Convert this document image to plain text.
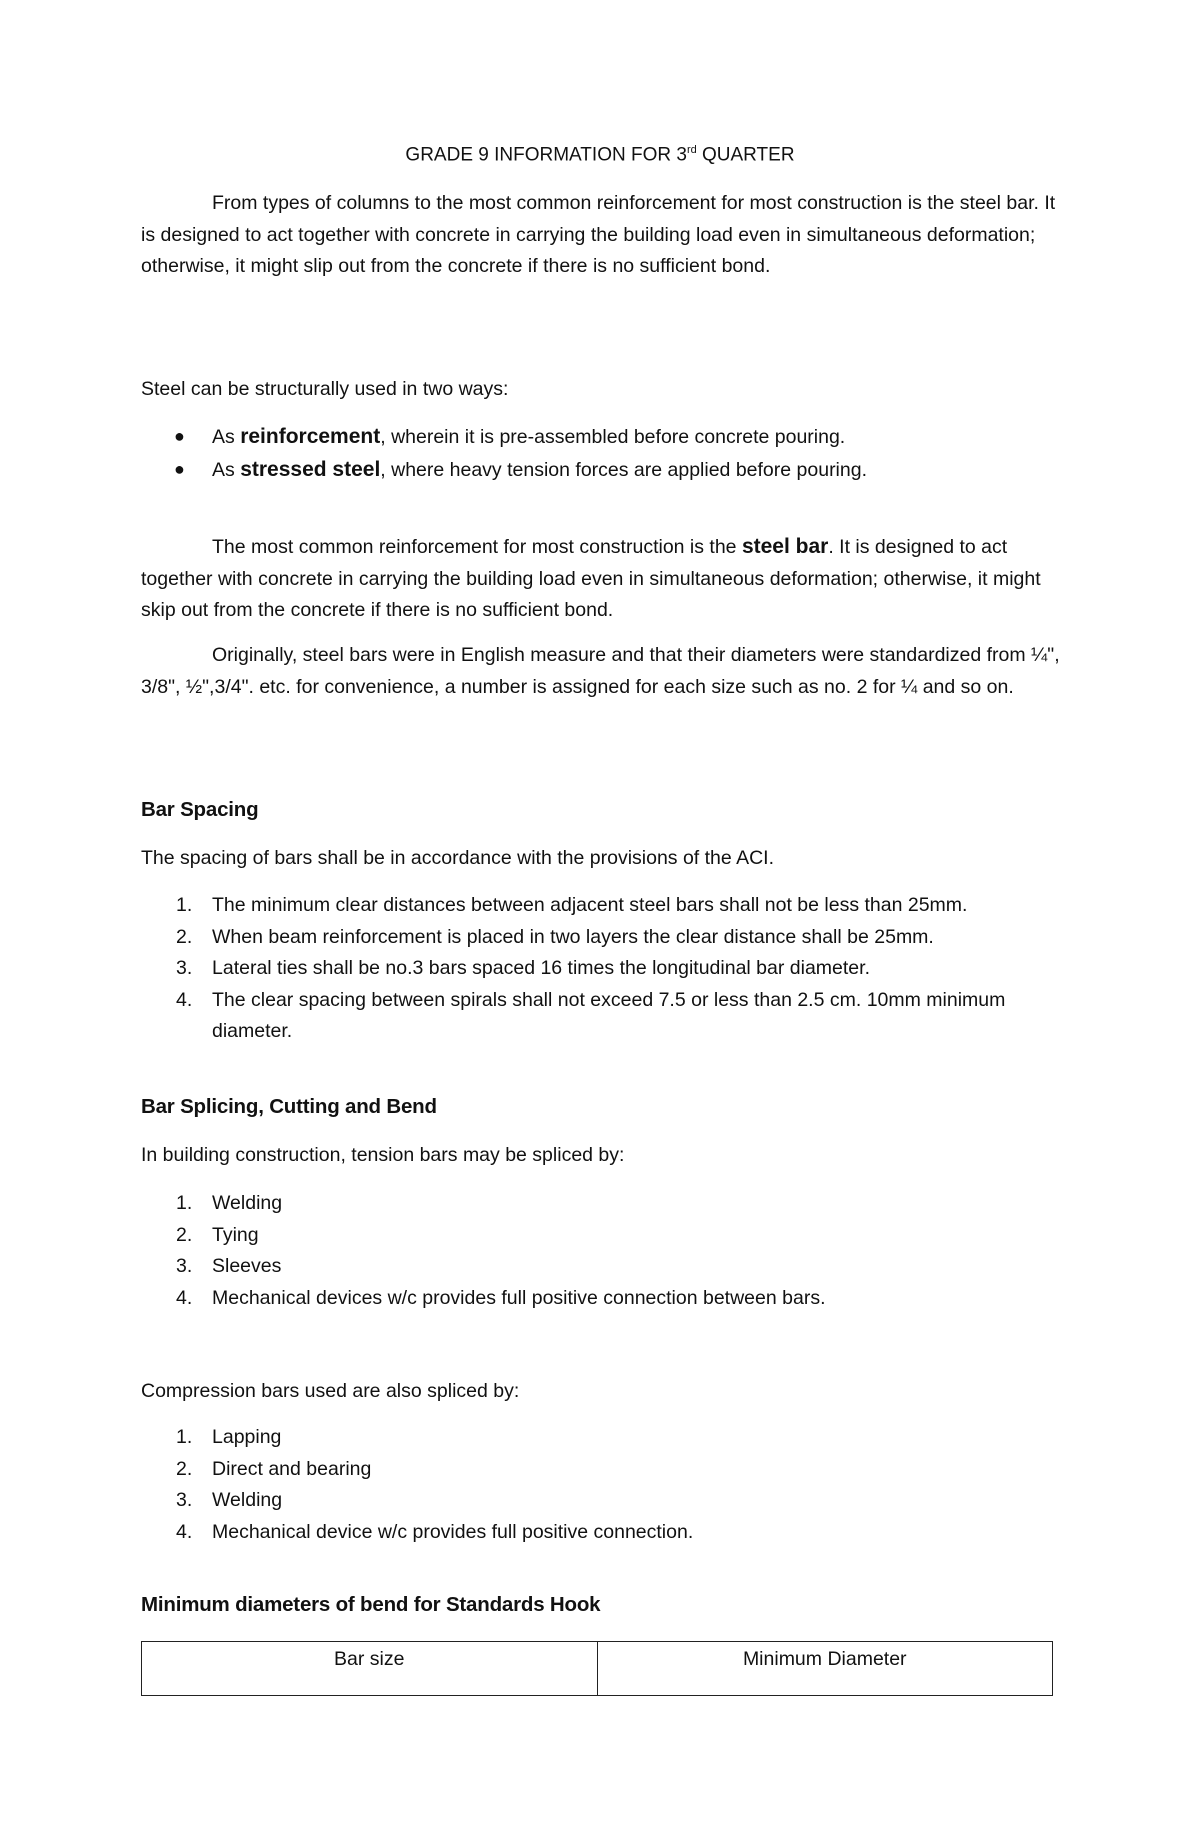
GRADE 9 INFORMATION FOR 3rd QUARTER

From types of columns to the most common reinforcement for most construction is the steel bar. It is designed to act together with concrete in carrying the building load even in simultaneous deformation; otherwise, it might slip out from the concrete if there is no sufficient bond.

Steel can be structurally used in two ways:

●	As reinforcement, wherein it is pre-assembled before concrete pouring.
●	As stressed steel, where heavy tension forces are applied before pouring.

The most common reinforcement for most construction is the steel bar. It is designed to act together with concrete in carrying the building load even in simultaneous deformation; otherwise, it might skip out from the concrete if there is no sufficient bond.

Originally, steel bars were in English measure and that their diameters were standardized from ¼", 3/8", ½",3/4". etc. for convenience, a number is assigned for each size such as no. 2 for ¼ and so on.

Bar Spacing

The spacing of bars shall be in accordance with the provisions of the ACI.

1.	The minimum clear distances between adjacent steel bars shall not be less than 25mm.
2.	When beam reinforcement is placed in two layers the clear distance shall be 25mm.
3.	Lateral ties shall be no.3 bars spaced 16 times the longitudinal bar diameter.
4.	The clear spacing between spirals shall not exceed 7.5 or less than 2.5 cm. 10mm minimum diameter.

Bar Splicing, Cutting and Bend

In building construction, tension bars may be spliced by:

1.	Welding
2.	Tying
3.	Sleeves
4.	Mechanical devices w/c provides full positive connection between bars.

Compression bars used are also spliced by:

1.	Lapping
2.	Direct and bearing
3.	Welding
4.	Mechanical device w/c provides full positive connection.

Minimum diameters of bend for Standards Hook

Bar size	Minimum Diameter
